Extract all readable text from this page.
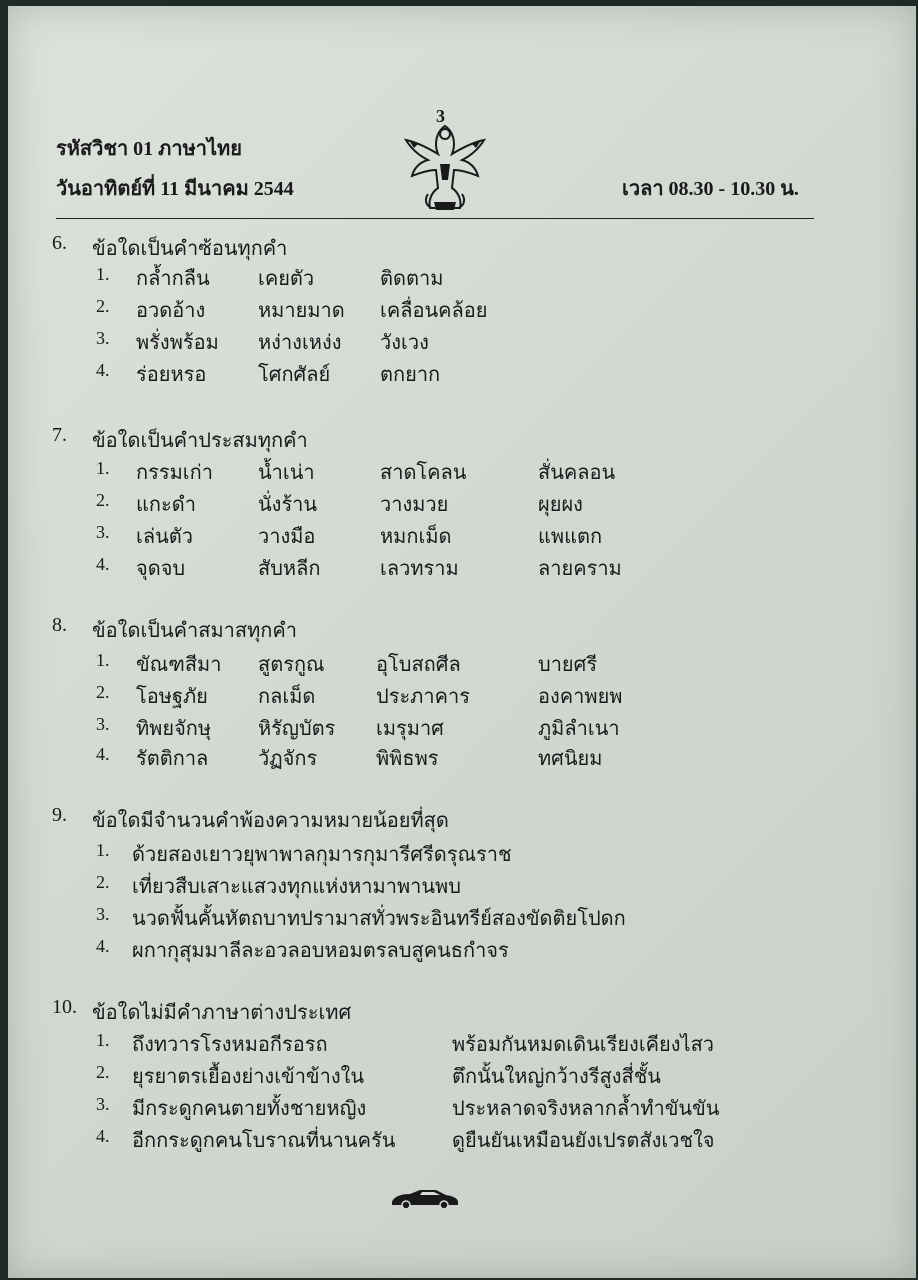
รหัสวิชา 01 ภาษาไทย
วันอาทิตย์ที่ 11 มีนาคม 2544	เวลา 08.30 - 10.30 น.
3
6. ข้อใดเป็นคำซ้อนทุกคำ
1. กล้ำกลืน เคยตัว	ติดตาม
2. อวดอ้าง	หมายมาด เคลื่อนคล้อย
3. พรั่งพร้อม หง่างเหง่ง วังเวง
4. ร่อยหรอ	โศกศัลย์ ตกยาก
7. ข้อใดเป็นคำประสมทุกคำ
1. กรรมเก่า น้ำเน่า	สาดโคลน	สั่นคลอน
2. แกะดำ	นั่งร้าน	วางมวย	ผุยผง
3. เล่นตัว	วางมือ	หมกเม็ด	แพแตก
4. จุดจบ	สับหลีก	เลวทราม	ลายคราม
8. ข้อใดเป็นคำสมาสทุกคำ
1. ขัณฑสีมา สูตรกูณ	อุโบสถศีล	บายศรี
2. โอษฐภัย	กลเม็ด	ประภาคาร	องคาพยพ
3. ทิพยจักษุ หิรัญบัตร เมรุมาศ	ภูมิลำเนา
4. รัตติกาล วัฏจักร	พิพิธพร	ทศนิยม
9. ข้อใดมีจำนวนคำพ้องความหมายน้อยที่สุด
1. ด้วยสองเยาวยุพาพาลกุมารกุมารีศรีดรุณราช
2. เที่ยวสืบเสาะแสวงทุกแห่งหามาพานพบ
3. นวดฟั้นคั้นหัตถบาทปรามาสทั่วพระอินทรีย์สองขัดติยโปดก
4. ผกากุสุมมาลีละอวลอบหอมตรลบสูคนธกำจร
10. ข้อใดไม่มีคำภาษาต่างประเทศ
1. ถึงทวารโรงหมอกีรอรถ	พร้อมกันหมดเดินเรียงเคียงไสว
2. ยุรยาตรเยื้องย่างเข้าข้างใน	ตึกนั้นใหญ่กว้างรีสูงสี่ชั้น
3. มีกระดูกคนตายทั้งชายหญิง	ประหลาดจริงหลากล้ำทำขันขัน
4. อีกกระดูกคนโบราณที่นานครัน	ดูยืนยันเหมือนยังเปรตสังเวชใจ
